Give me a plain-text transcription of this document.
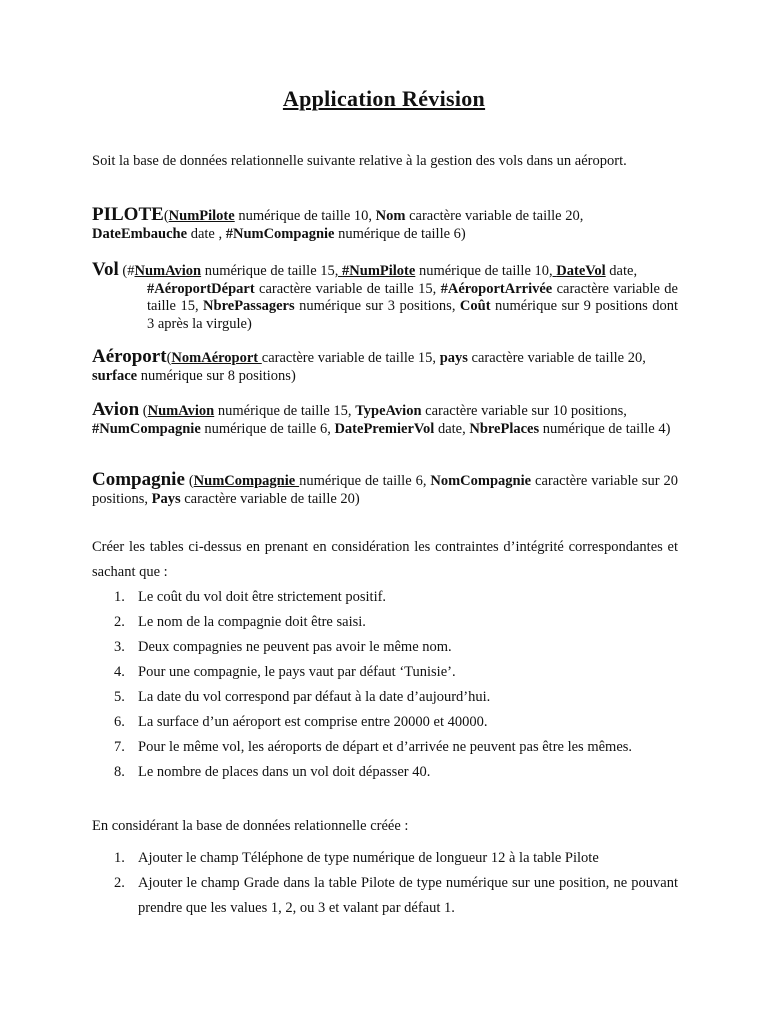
Application Révision
Soit la base de données relationnelle suivante relative à la gestion des vols dans un aéroport.
PILOTE(NumPilote numérique de taille 10, Nom caractère variable de taille 20,
DateEmbauche date , #NumCompagnie numérique de taille 6)
Vol (#NumAvion numérique de taille 15, #NumPilote numérique de taille 10, DateVol date,
#AéroportDépart caractère variable de taille 15, #AéroportArrivée caractère variable de taille 15, NbrePassagers numérique sur 3 positions, Coût numérique sur 9 positions dont 3 après la virgule)
Aéroport(NomAéroport caractère variable de taille 15, pays caractère variable de taille 20,
surface numérique sur 8 positions)
Avion (NumAvion numérique de taille 15, TypeAvion caractère variable sur 10 positions,
#NumCompagnie numérique de taille 6, DatePremierVol date, NbrePlaces numérique de taille 4)
Compagnie (NumCompagnie numérique de taille 6, NomCompagnie caractère variable sur 20 positions, Pays caractère variable de taille 20)
Créer les tables ci-dessus en prenant en considération les contraintes d’intégrité correspondantes et sachant que :
1. Le coût du vol doit être strictement positif.
2. Le nom de la compagnie doit être saisi.
3. Deux compagnies ne peuvent pas avoir le même nom.
4. Pour une compagnie, le pays vaut par défaut ‘Tunisie’.
5. La date du vol correspond par défaut à la date d’aujourd’hui.
6. La surface d’un aéroport est comprise entre 20000 et 40000.
7. Pour le même vol, les aéroports de départ et d’arrivée ne peuvent pas être les mêmes.
8. Le nombre de places dans un vol doit dépasser 40.
En considérant la base de données relationnelle créée :
1. Ajouter le champ Téléphone de type numérique de longueur 12 à la table Pilote
2. Ajouter le champ Grade dans la table Pilote de type numérique sur une position, ne pouvant prendre que les values 1, 2, ou 3 et valant par défaut 1.
